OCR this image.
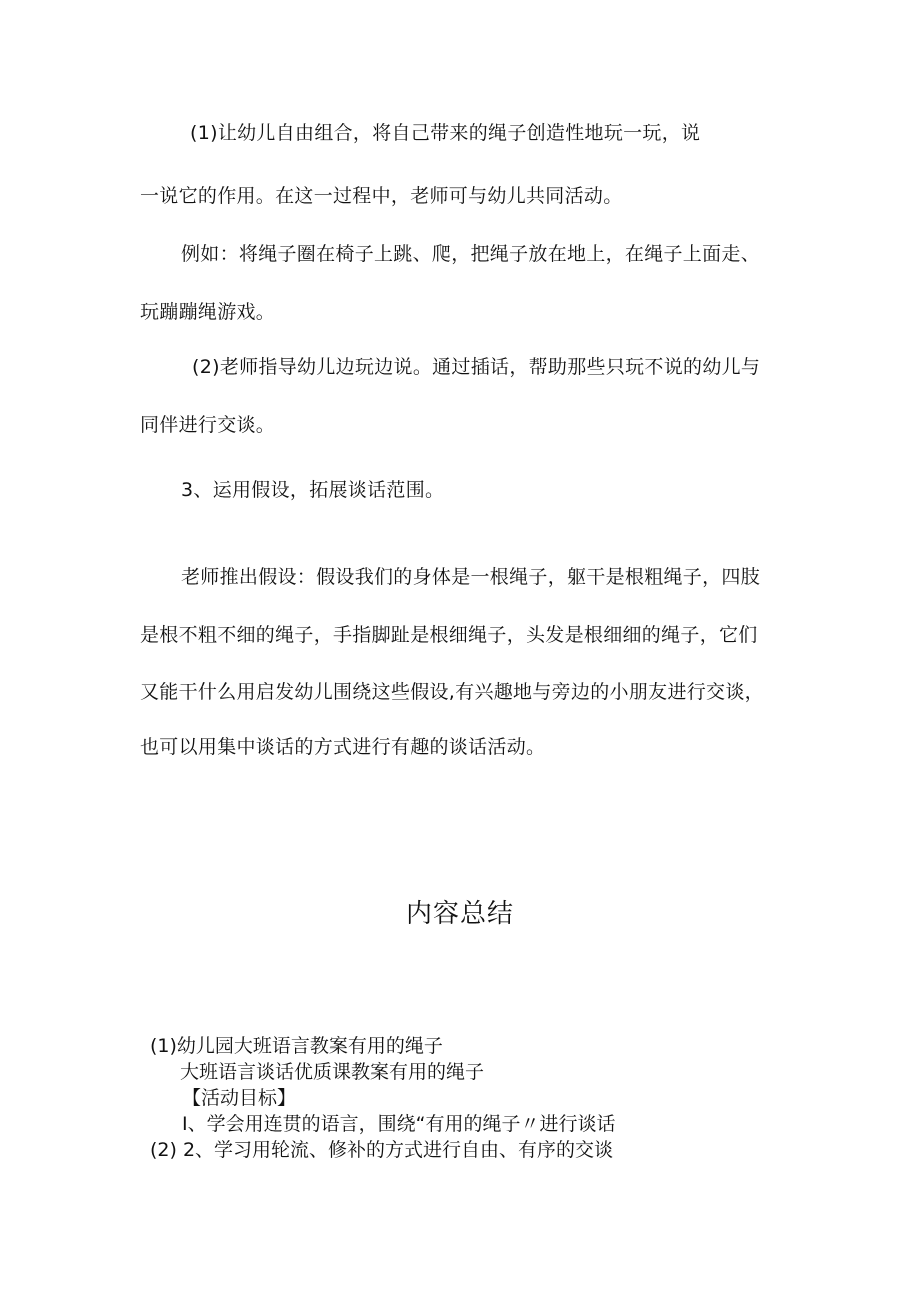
(1)让幼儿自由组合，将自己带来的绳子创造性地玩一玩，说
一说它的作用。在这一过程中，老师可与幼儿共同活动。
例如：将绳子圈在椅子上跳、爬，把绳子放在地上，在绳子上面走、
玩蹦蹦绳游戏。
(2)老师指导幼儿边玩边说。通过插话，帮助那些只玩不说的幼儿与
同伴进行交谈。
3、运用假设，拓展谈话范围。
老师推出假设：假设我们的身体是一根绳子，躯干是根粗绳子，四肢
是根不粗不细的绳子，手指脚趾是根细绳子，头发是根细细的绳子，它们
又能干什么用启发幼儿围绕这些假设,有兴趣地与旁边的小朋友进行交谈，
也可以用集中谈话的方式进行有趣的谈话活动。
内容总结
(1)幼儿园大班语言教案有用的绳子
大班语言谈话优质课教案有用的绳子
【活动目标】
I、学会用连贯的语言，围绕“有用的绳子〃进行谈话
(2) 2、学习用轮流、修补的方式进行自由、有序的交谈
